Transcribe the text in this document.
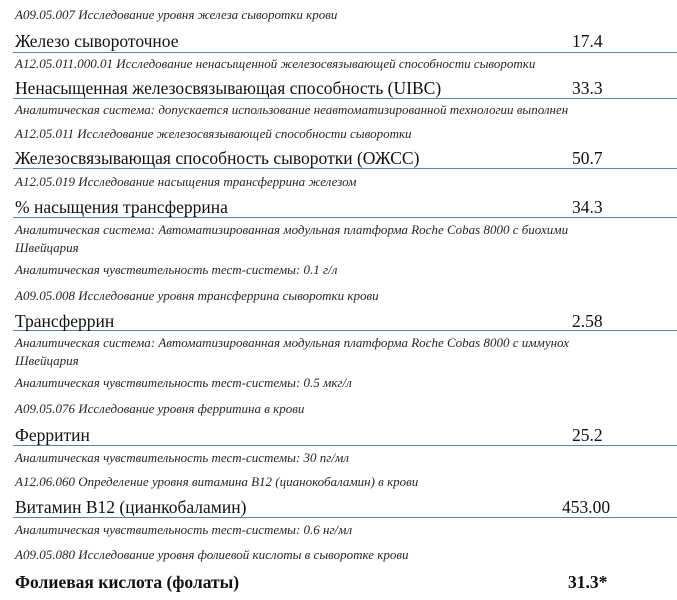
A09.05.007 Исследование уровня железа сыворотки крови
Железо сывороточное	17.4
A12.05.011.000.01 Исследование ненасыщенной железосвязывающей способности сыворотки
Ненасыщенная железосвязывающая способность (UIBC)	33.3
Аналитическая система: допускается использование неавтоматизированной технологии выполнен
A12.05.011 Исследование железосвязывающей способности сыворотки
Железосвязывающая способность сыворотки (ОЖСС)	50.7
A12.05.019 Исследование насыщения трансферрина железом
% насыщения трансферрина	34.3
Аналитическая система: Автоматизированная модульная платформа Roche Cobas 8000 с биохими
Швейцария
Аналитическая чувствительность тест-системы: 0.1 г/л
A09.05.008 Исследование уровня трансферрина сыворотки крови
Трансферрин	2.58
Аналитическая система: Автоматизированная модульная платформа Roche Cobas 8000 с иммунох
Швейцария
Аналитическая чувствительность тест-системы: 0.5 мкг/л
A09.05.076 Исследование уровня ферритина в крови
Ферритин	25.2
Аналитическая чувствительность тест-системы: 30 пг/мл
A12.06.060 Определение уровня витамина B12 (цианокобаламин) в крови
Витамин B12 (цианкобаламин)	453.00
Аналитическая чувствительность тест-системы: 0.6 нг/мл
A09.05.080 Исследование уровня фолиевой кислоты в сыворотке крови
Фолиевая кислота (фолаты)	31.3*
